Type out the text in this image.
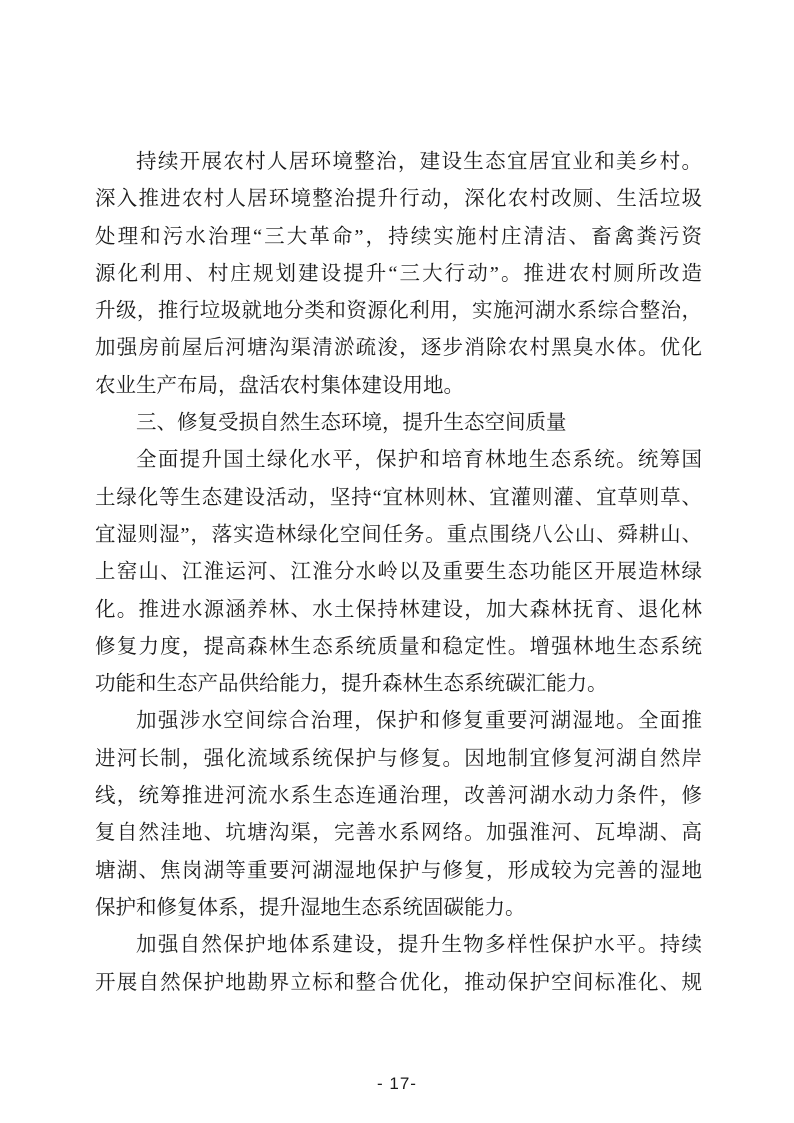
持续开展农村人居环境整治，建设生态宜居宜业和美乡村。
深入推进农村人居环境整治提升行动，深化农村改厕、生活垃圾
处理和污水治理“三大革命”，持续实施村庄清洁、畜禽粪污资
源化利用、村庄规划建设提升“三大行动”。推进农村厕所改造
升级，推行垃圾就地分类和资源化利用，实施河湖水系综合整治，
加强房前屋后河塘沟渠清淤疏浚，逐步消除农村黑臭水体。优化
农业生产布局，盘活农村集体建设用地。
三、修复受损自然生态环境，提升生态空间质量
全面提升国土绿化水平，保护和培育林地生态系统。统筹国
土绿化等生态建设活动，坚持“宜林则林、宜灌则灌、宜草则草、
宜湿则湿”，落实造林绿化空间任务。重点围绕八公山、舜耕山、
上窑山、江淮运河、江淮分水岭以及重要生态功能区开展造林绿
化。推进水源涵养林、水土保持林建设，加大森林抚育、退化林
修复力度，提高森林生态系统质量和稳定性。增强林地生态系统
功能和生态产品供给能力，提升森林生态系统碳汇能力。
加强涉水空间综合治理，保护和修复重要河湖湿地。全面推
进河长制，强化流域系统保护与修复。因地制宜修复河湖自然岸
线，统筹推进河流水系生态连通治理，改善河湖水动力条件，修
复自然洼地、坑塘沟渠，完善水系网络。加强淮河、瓦埠湖、高
塘湖、焦岗湖等重要河湖湿地保护与修复，形成较为完善的湿地
保护和修复体系，提升湿地生态系统固碳能力。
加强自然保护地体系建设，提升生物多样性保护水平。持续
开展自然保护地勘界立标和整合优化，推动保护空间标准化、规
- 17-
